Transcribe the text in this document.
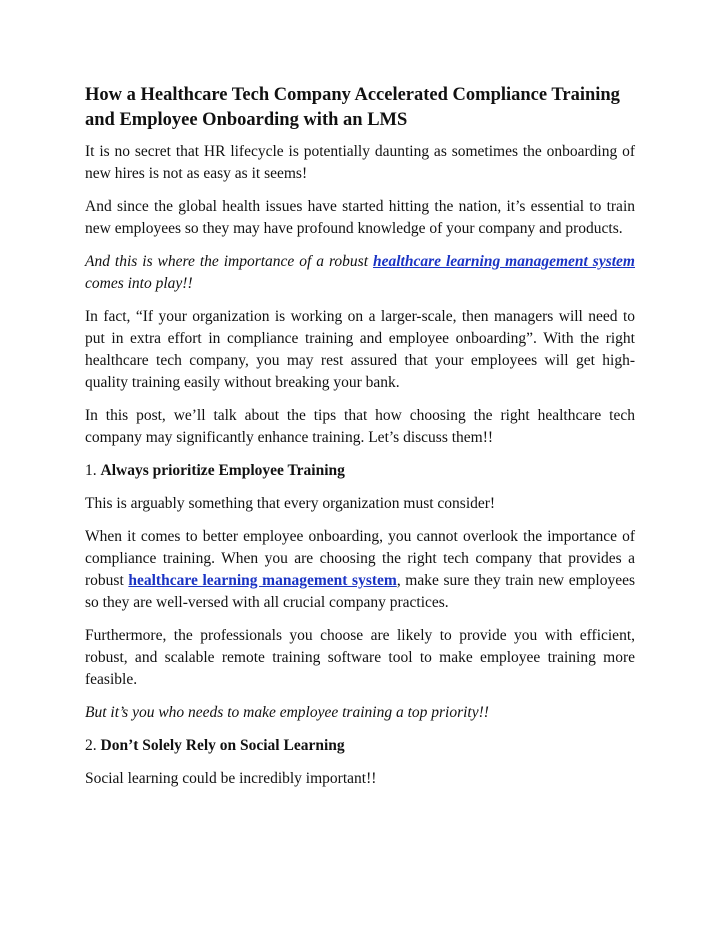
How a Healthcare Tech Company Accelerated Compliance Training and Employee Onboarding with an LMS

It is no secret that HR lifecycle is potentially daunting as sometimes the onboarding of new hires is not as easy as it seems!

And since the global health issues have started hitting the nation, it’s essential to train new employees so they may have profound knowledge of your company and products.

And this is where the importance of a robust healthcare learning management system comes into play!!

In fact, “If your organization is working on a larger-scale, then managers will need to put in extra effort in compliance training and employee onboarding”. With the right healthcare tech company, you may rest assured that your employees will get high-quality training easily without breaking your bank.

In this post, we’ll talk about the tips that how choosing the right healthcare tech company may significantly enhance training. Let’s discuss them!!

1. Always prioritize Employee Training

This is arguably something that every organization must consider!

When it comes to better employee onboarding, you cannot overlook the importance of compliance training. When you are choosing the right tech company that provides a robust healthcare learning management system, make sure they train new employees so they are well-versed with all crucial company practices.

Furthermore, the professionals you choose are likely to provide you with efficient, robust, and scalable remote training software tool to make employee training more feasible.

But it’s you who needs to make employee training a top priority!!

2. Don’t Solely Rely on Social Learning

Social learning could be incredibly important!!
